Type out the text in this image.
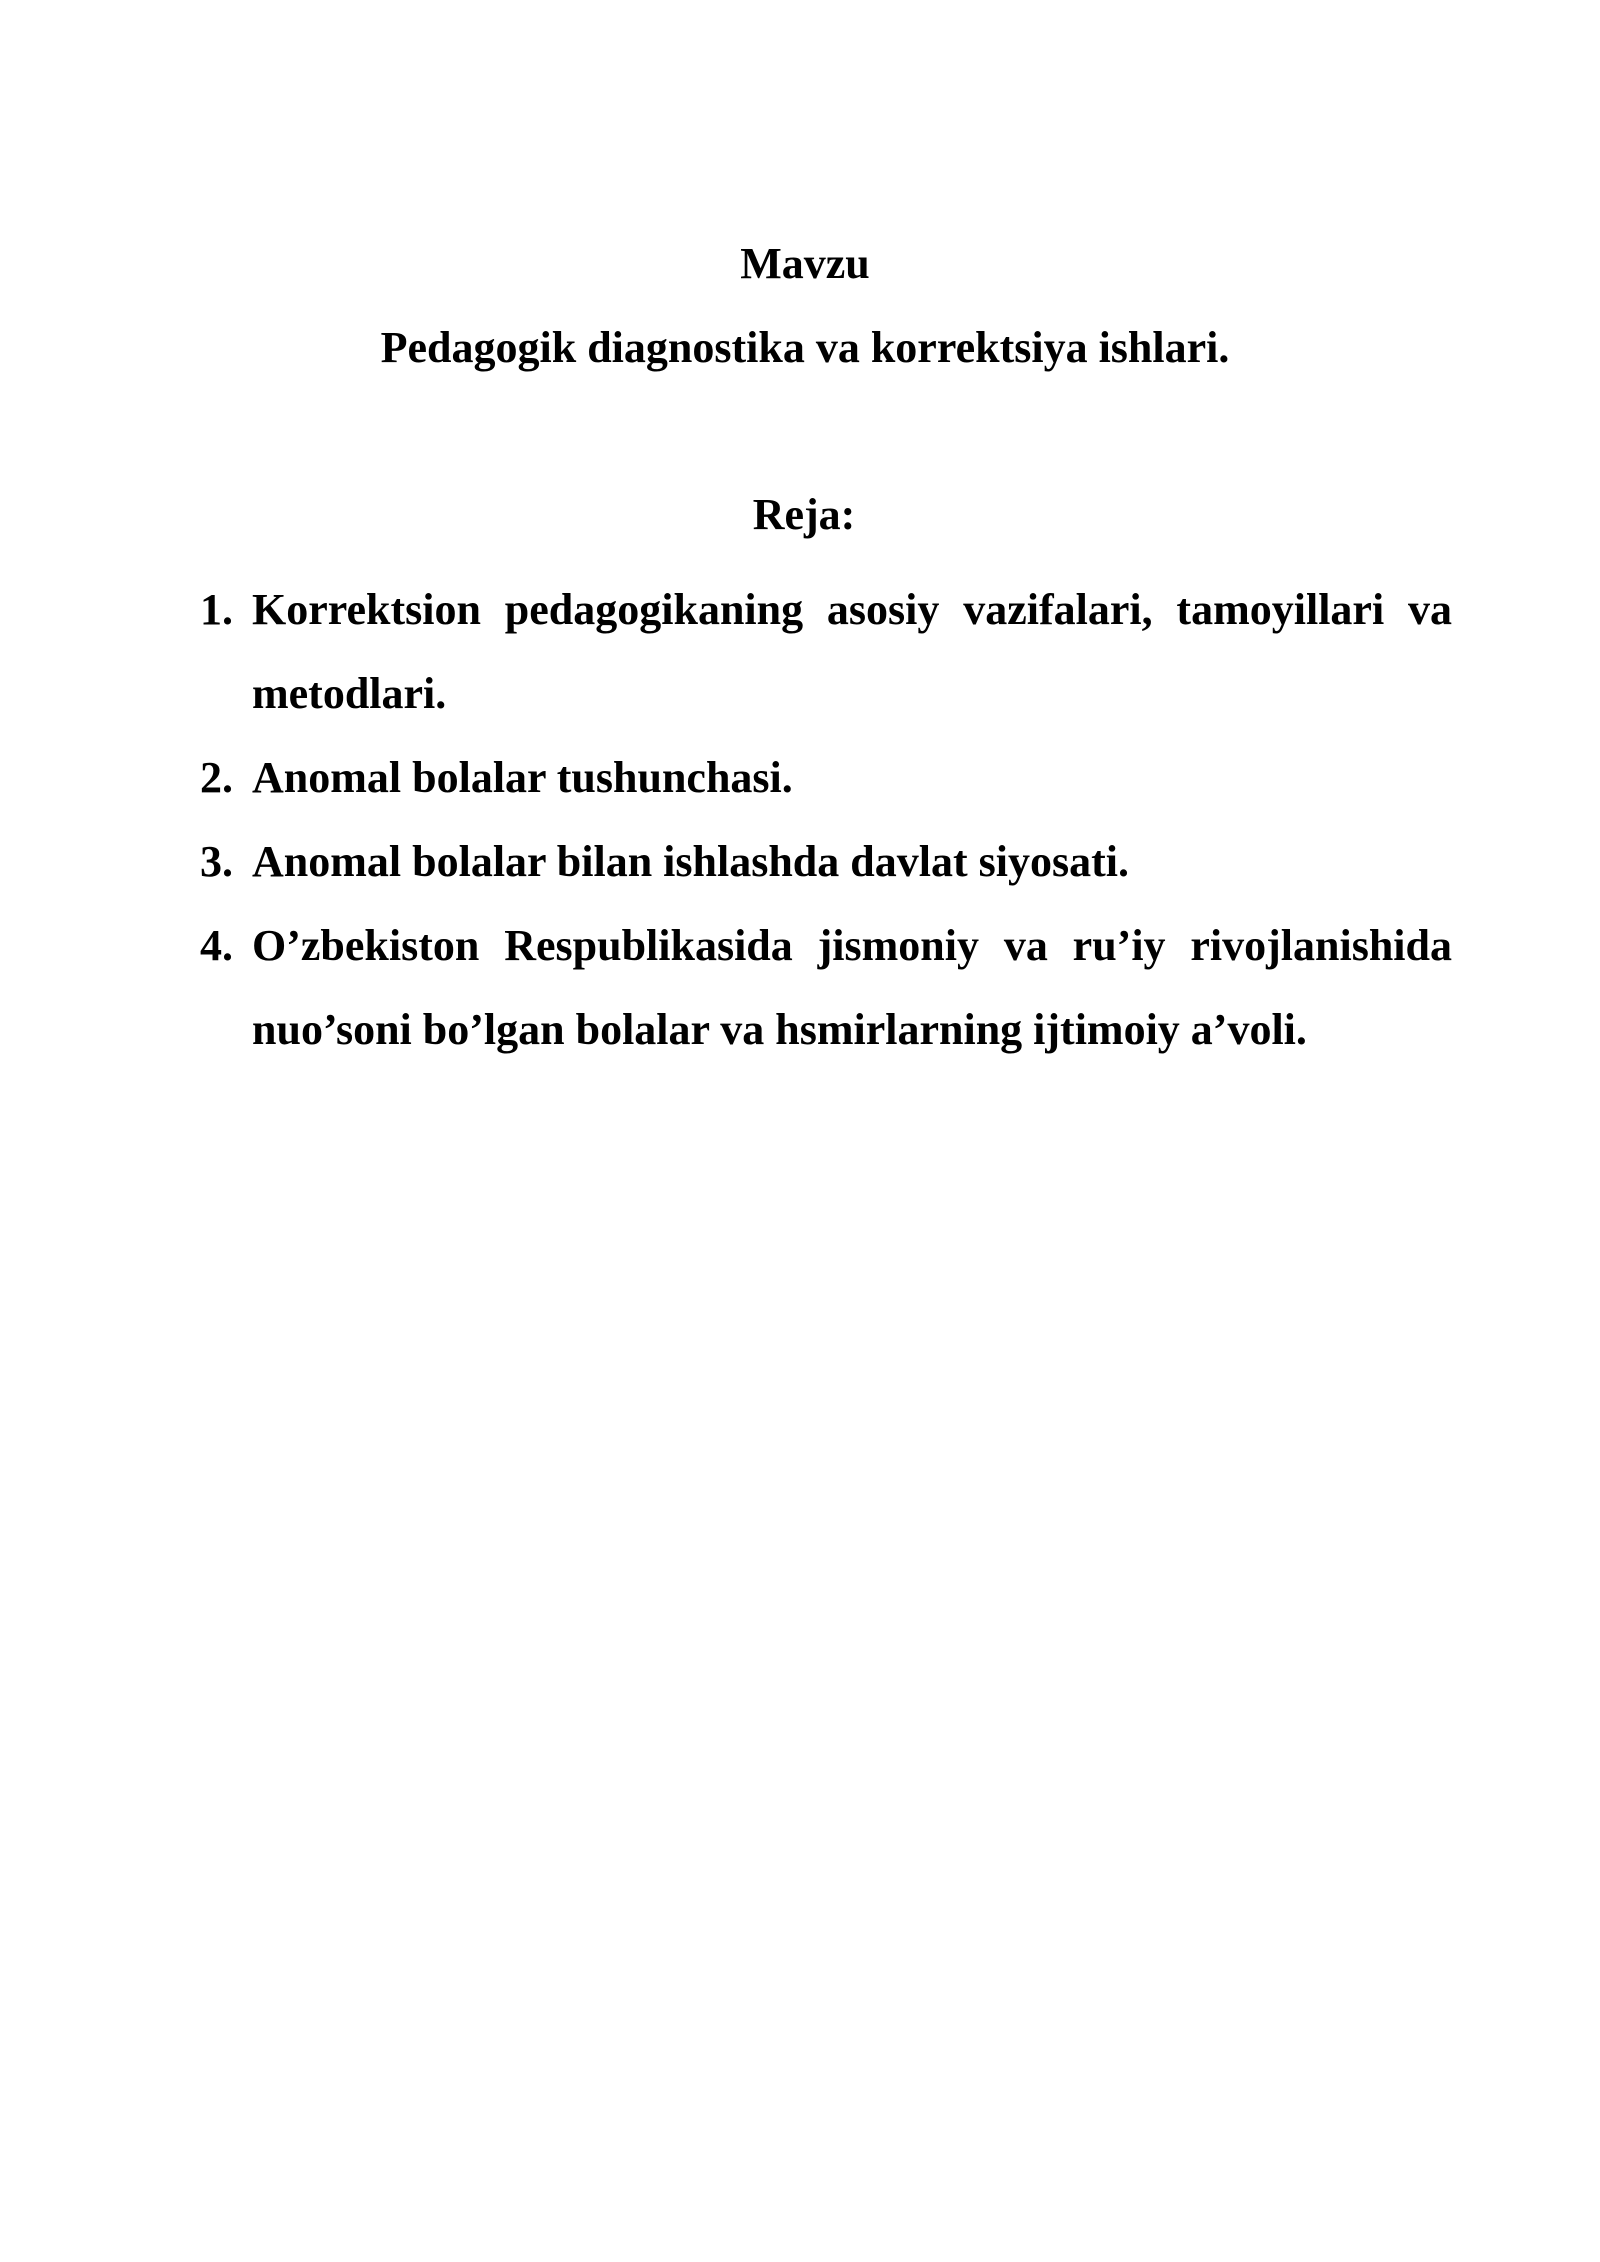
Mavzu
Pedagogik diagnostika va korrektsiya ishlari.
Reja:
1. Korrektsion pedagogikaning asosiy vazifalari, tamoyillari va metodlari.
2. Anomal bolalar tushunchasi.
3. Anomal bolalar bilan ishlashda davlat siyosati.
4. O’zbekiston Respublikasida jismoniy va ru’iy rivojlanishida nuo’soni bo’lgan bolalar va hsmirlarning ijtimoiy a’voli.
